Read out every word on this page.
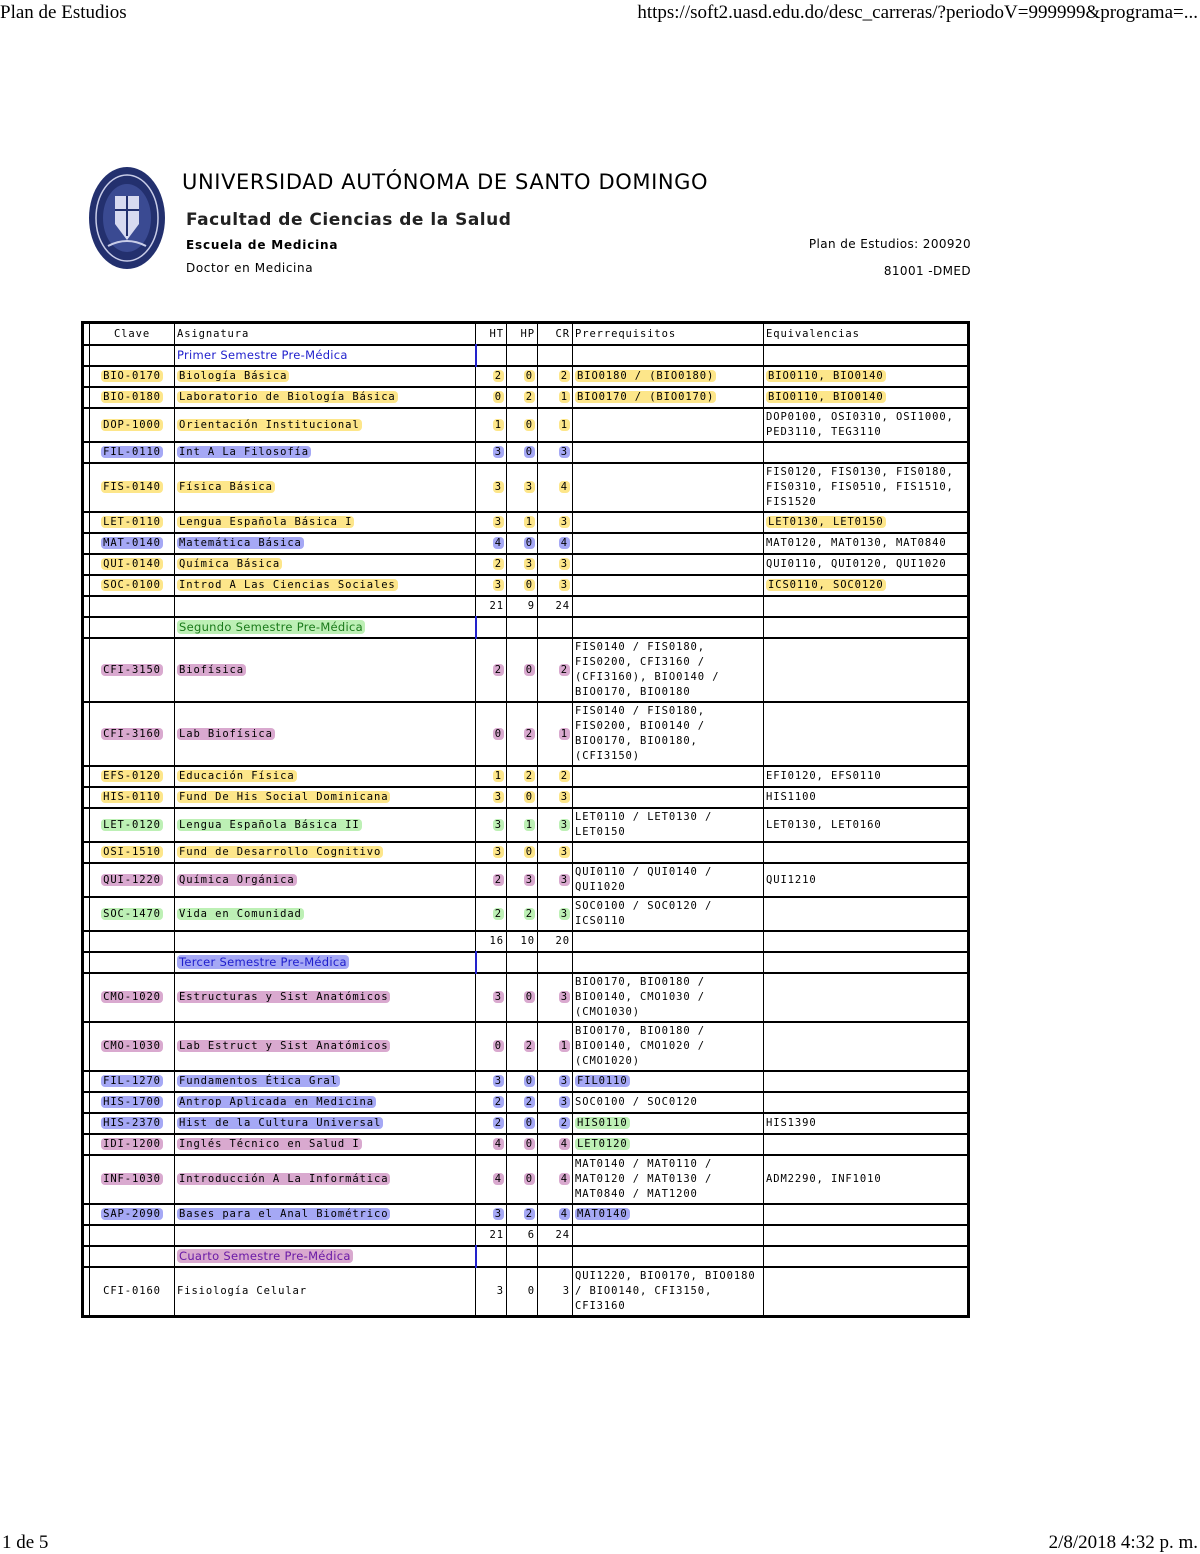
Plan de Estudios	https://soft2.uasd.edu.do/desc_carreras/?periodoV=999999&programa=...
UNIVERSIDAD AUTÓNOMA DE SANTO DOMINGO
Facultad de Ciencias de la Salud
Escuela de Medicina
Doctor en Medicina
Plan de Estudios: 200920
81001 -DMED
	Clave	Asignatura	HT	HP	CR	Prerrequisitos	Equivalencias
		Primer Semestre Pre-Médica					
	BIO-0170	Biología Básica	2	0	2	BIO0180 / (BIO0180)	BIO0110, BIO0140
	BIO-0180	Laboratorio de Biología Básica	0	2	1	BIO0170 / (BIO0170)	BIO0110, BIO0140
	DOP-1000	Orientación Institucional	1	0	1		DOP0100, OSI0310, OSI1000, PED3110, TEG3110
	FIL-0110	Int A La Filosofía	3	0	3		
	FIS-0140	Física Básica	3	3	4		FIS0120, FIS0130, FIS0180, FIS0310, FIS0510, FIS1510, FIS1520
	LET-0110	Lengua Española Básica I	3	1	3		LET0130, LET0150
	MAT-0140	Matemática Básica	4	0	4		MAT0120, MAT0130, MAT0840
	QUI-0140	Química Básica	2	3	3		QUI0110, QUI0120, QUI1020
	SOC-0100	Introd A Las Ciencias Sociales	3	0	3		ICS0110, SOC0120
			21	9	24		
		Segundo Semestre Pre-Médica					
	CFI-3150	Biofísica	2	0	2	FIS0140 / FIS0180, FIS0200, CFI3160 / (CFI3160), BIO0140 / BIO0170, BIO0180	
	CFI-3160	Lab Biofísica	0	2	1	FIS0140 / FIS0180, FIS0200, BIO0140 / BIO0170, BIO0180, (CFI3150)	
	EFS-0120	Educación Física	1	2	2		EFI0120, EFS0110
	HIS-0110	Fund De His Social Dominicana	3	0	3		HIS1100
	LET-0120	Lengua Española Básica II	3	1	3	LET0110 / LET0130 / LET0150	LET0130, LET0160
	OSI-1510	Fund de Desarrollo Cognitivo	3	0	3		
	QUI-1220	Química Orgánica	2	3	3	QUI0110 / QUI0140 / QUI1020	QUI1210
	SOC-1470	Vida en Comunidad	2	2	3	SOC0100 / SOC0120 / ICS0110	
			16	10	20		
		Tercer Semestre Pre-Médica					
	CMO-1020	Estructuras y Sist Anatómicos	3	0	3	BIO0170, BIO0180 / BIO0140, CMO1030 / (CMO1030)	
	CMO-1030	Lab Estruct y Sist Anatómicos	0	2	1	BIO0170, BIO0180 / BIO0140, CMO1020 / (CMO1020)	
	FIL-1270	Fundamentos Ética Gral	3	0	3	FIL0110	
	HIS-1700	Antrop Aplicada en Medicina	2	2	3	SOC0100 / SOC0120	
	HIS-2370	Hist de la Cultura Universal	2	0	2	HIS0110	HIS1390
	IDI-1200	Inglés Técnico en Salud I	4	0	4	LET0120	
	INF-1030	Introducción A La Informática	4	0	4	MAT0140 / MAT0110 / MAT0120 / MAT0130 / MAT0840 / MAT1200	ADM2290, INF1010
	SAP-2090	Bases para el Anal Biométrico	3	2	4	MAT0140	
			21	6	24		
		Cuarto Semestre Pre-Médica					
	CFI-0160	Fisiología Celular	3	0	3	QUI1220, BIO0170, BIO0180 / BIO0140, CFI3150, CFI3160	
1 de 5	2/8/2018 4:32 p. m.
